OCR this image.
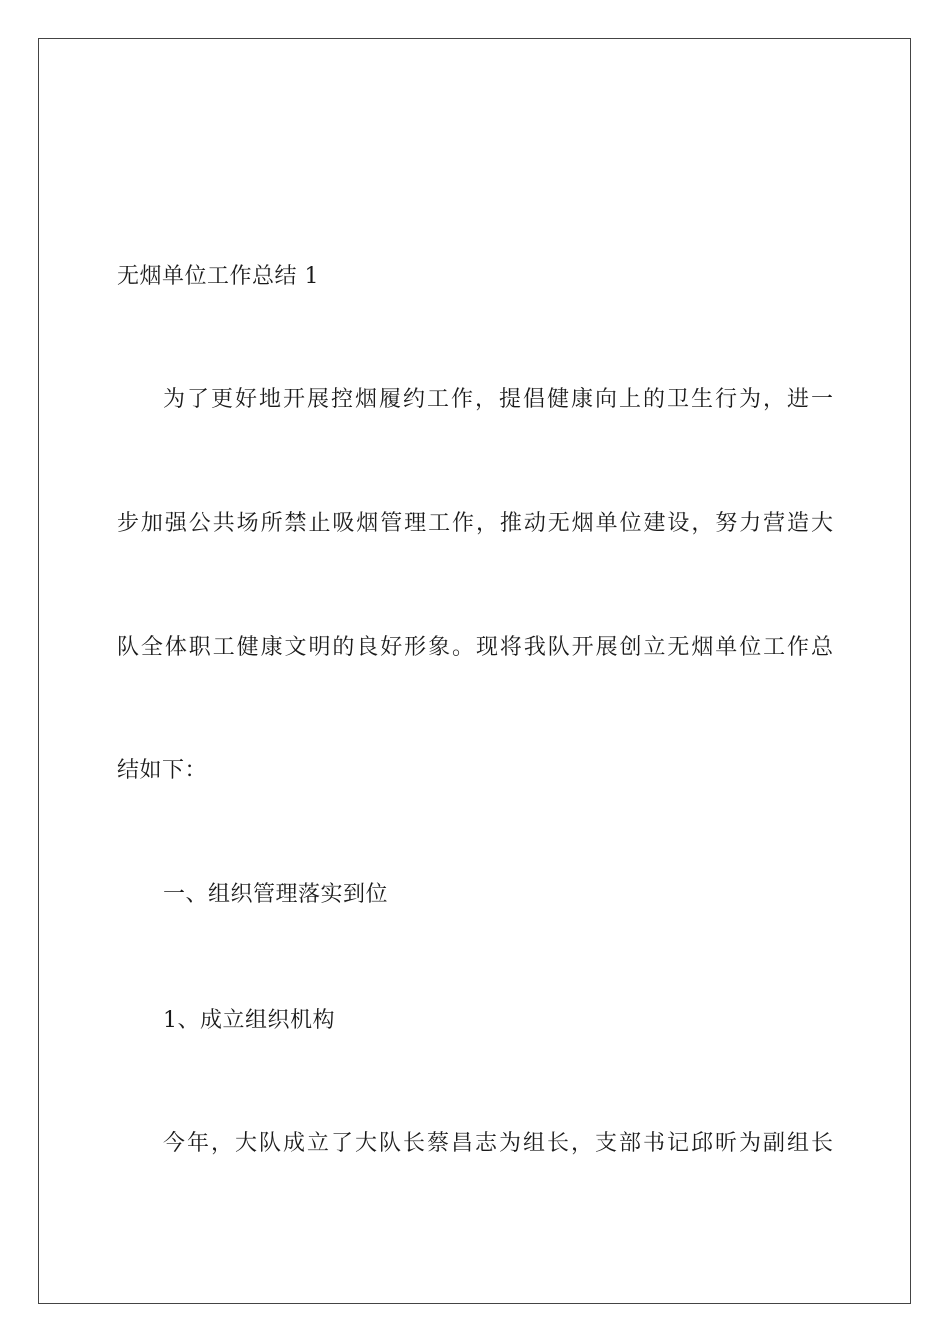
无烟单位工作总结 1
为了更好地开展控烟履约工作，提倡健康向上的卫生行为，进一
步加强公共场所禁止吸烟管理工作，推动无烟单位建设，努力营造大
队全体职工健康文明的良好形象。现将我队开展创立无烟单位工作总
结如下：
一、组织管理落实到位
1、成立组织机构
今年，大队成立了大队长蔡昌志为组长，支部书记邱昕为副组长
